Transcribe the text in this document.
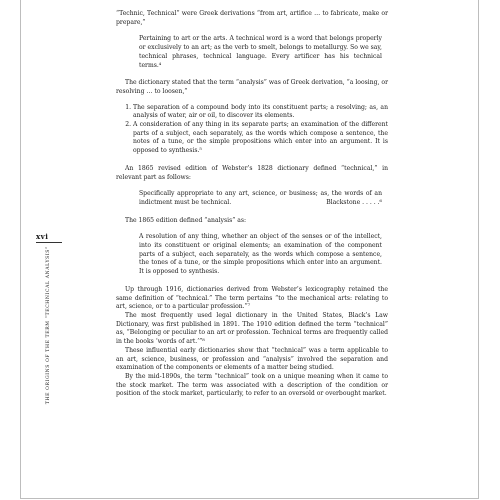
xvi
THE ORIGINS OF THE TERM “TECHNICAL ANALYSIS”

“Technic, Technical” were Greek derivations “from art, artifice … to fabricate, make or prepare,”

Pertaining to art or the arts. A technical word is a word that belongs properly or exclusively to an art; as the verb to smelt, belongs to metallurgy. So we say, technical phrases, technical language. Every artificer has his technical terms.⁴

The dictionary stated that the term “analysis” was of Greek derivation, “a loosing, or resolving … to loosen,”

1. The separation of a compound body into its constituent parts; a resolving; as, an analysis of water, air or oil, to discover its elements.
2. A consideration of any thing in its separate parts; an examination of the different parts of a subject, each separately, as the words which compose a sentence, the notes of a tune, or the simple propositions which enter into an argument. It is opposed to synthesis.⁵

An 1865 revised edition of Webster’s 1828 dictionary defined “technical,” in relevant part as follows:

Specifically appropriate to any art, science, or business; as, the words of an indictment must be technical.	Blackstone . . . . .⁶

The 1865 edition defined “analysis” as:

A resolution of any thing, whether an object of the senses or of the intellect, into its constituent or original elements; an examination of the component parts of a subject, each separately, as the words which compose a sentence, the tones of a tune, or the simple propositions which enter into an argument. It is opposed to synthesis.

Up through 1916, dictionaries derived from Webster’s lexicography retained the same definition of “technical.” The term pertains “to the mechanical arts: relating to art, science, or to a particular profession.”⁷

The most frequently used legal dictionary in the United States, Black’s Law Dictionary, was first published in 1891. The 1910 edition defined the term “technical” as, “Belonging or peculiar to an art or profession. Technical terms are frequently called in the books ‘words of art.’”⁸

These influential early dictionaries show that “technical” was a term applicable to an art, science, business, or profession and “analysis” involved the separation and examination of the components or elements of a matter being studied.

By the mid-1890s, the term “technical” took on a unique meaning when it came to the stock market. The term was associated with a description of the condition or position of the stock market, particularly, to refer to an oversold or overbought market.
